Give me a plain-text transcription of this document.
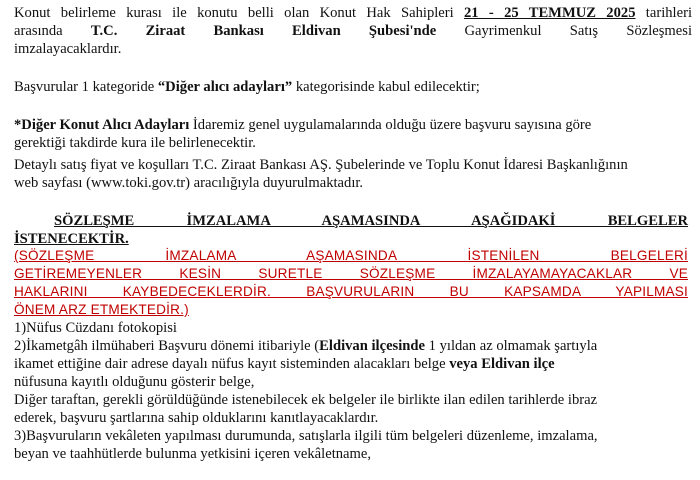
Konut belirleme kurası ile konutu belli olan Konut Hak Sahipleri 21 - 25 TEMMUZ 2025 tarihleri
arasında T.C. Ziraat Bankası Eldivan Şubesi'nde Gayrimenkul Satış Sözleşmesi
imzalayacaklardır.
Başvurular 1 kategoride “Diğer alıcı adayları” kategorisinde kabul edilecektir;
*Diğer Konut Alıcı Adayları İdaremiz genel uygulamalarında olduğu üzere başvuru sayısına göre
gerektiği takdirde kura ile belirlenecektir.
Detaylı satış fiyat ve koşulları T.C. Ziraat Bankası AŞ. Şubelerinde ve Toplu Konut İdaresi Başkanlığının
web sayfası (www.toki.gov.tr) aracılığıyla duyurulmaktadır.
SÖZLEŞME İMZALAMA AŞAMASINDA AŞAĞIDAKİ BELGELER
İSTENECEKTİR.
(SÖZLEŞME İMZALAMA AŞAMASINDA İSTENİLEN BELGELERİ
GETİREMEYENLER KESİN SURETLE SÖZLEŞME İMZALAYAMAYACAKLAR VE
HAKLARINI KAYBEDECEKLERDİR. BAŞVURULARIN BU KAPSAMDA YAPILMASI
ÖNEM ARZ ETMEKTEDİR.)
1)Nüfus Cüzdanı fotokopisi
2)İkametgâh ilmühaberi Başvuru dönemi itibariyle (Eldivan ilçesinde 1 yıldan az olmamak şartıyla
ikamet ettiğine dair adrese dayalı nüfus kayıt sisteminden alacakları belge veya Eldivan ilçe
nüfusuna kayıtlı olduğunu gösterir belge,
Diğer taraftan, gerekli görüldüğünde istenebilecek ek belgeler ile birlikte ilan edilen tarihlerde ibraz
ederek, başvuru şartlarına sahip olduklarını kanıtlayacaklardır.
3)Başvuruların vekâleten yapılması durumunda, satışlarla ilgili tüm belgeleri düzenleme, imzalama,
beyan ve taahhütlerde bulunma yetkisini içeren vekâletname,
